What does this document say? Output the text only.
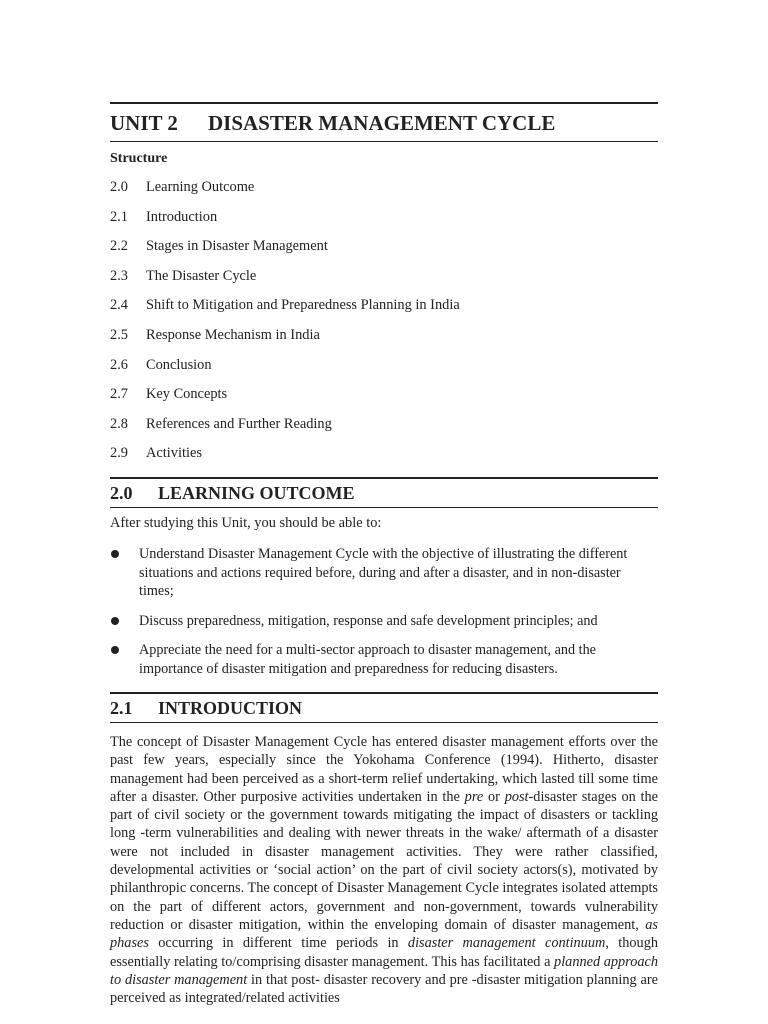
UNIT 2 DISASTER MANAGEMENT CYCLE
Structure
2.0 Learning Outcome
2.1 Introduction
2.2 Stages in Disaster Management
2.3 The Disaster Cycle
2.4 Shift to Mitigation and Preparedness Planning in India
2.5 Response Mechanism in India
2.6 Conclusion
2.7 Key Concepts
2.8 References and Further Reading
2.9 Activities
2.0 LEARNING OUTCOME
After studying this Unit, you should be able to:
Understand Disaster Management Cycle with the objective of illustrating the different situations and actions required before, during and after a disaster, and in non-disaster times;
Discuss preparedness, mitigation, response and safe development principles; and
Appreciate the need for a multi-sector approach to disaster management, and the importance of disaster mitigation and preparedness for reducing disasters.
2.1 INTRODUCTION

The concept of Disaster Management Cycle has entered disaster management efforts over the past few years, especially since the Yokohama Conference (1994). Hitherto, disaster management had been perceived as a short-term relief undertaking, which lasted till some time after a disaster. Other purposive activities undertaken in the pre or post-disaster stages on the part of civil society or the government towards mitigating the impact of disasters or tackling long -term vulnerabilities and dealing with newer threats in the wake/ aftermath of a disaster were not included in disaster management activities. They were rather classified, developmental activities or ‘social action’ on the part of civil society actors(s), motivated by philanthropic concerns. The concept of Disaster Management Cycle integrates isolated attempts on the part of different actors, government and non-government, towards vulnerability reduction or disaster mitigation, within the enveloping domain of disaster management, as phases occurring in different time periods in disaster management continuum, though essentially relating to/comprising disaster management. This has facilitated a planned approach to disaster management in that post- disaster recovery and pre -disaster mitigation planning are perceived as integrated/related activities
